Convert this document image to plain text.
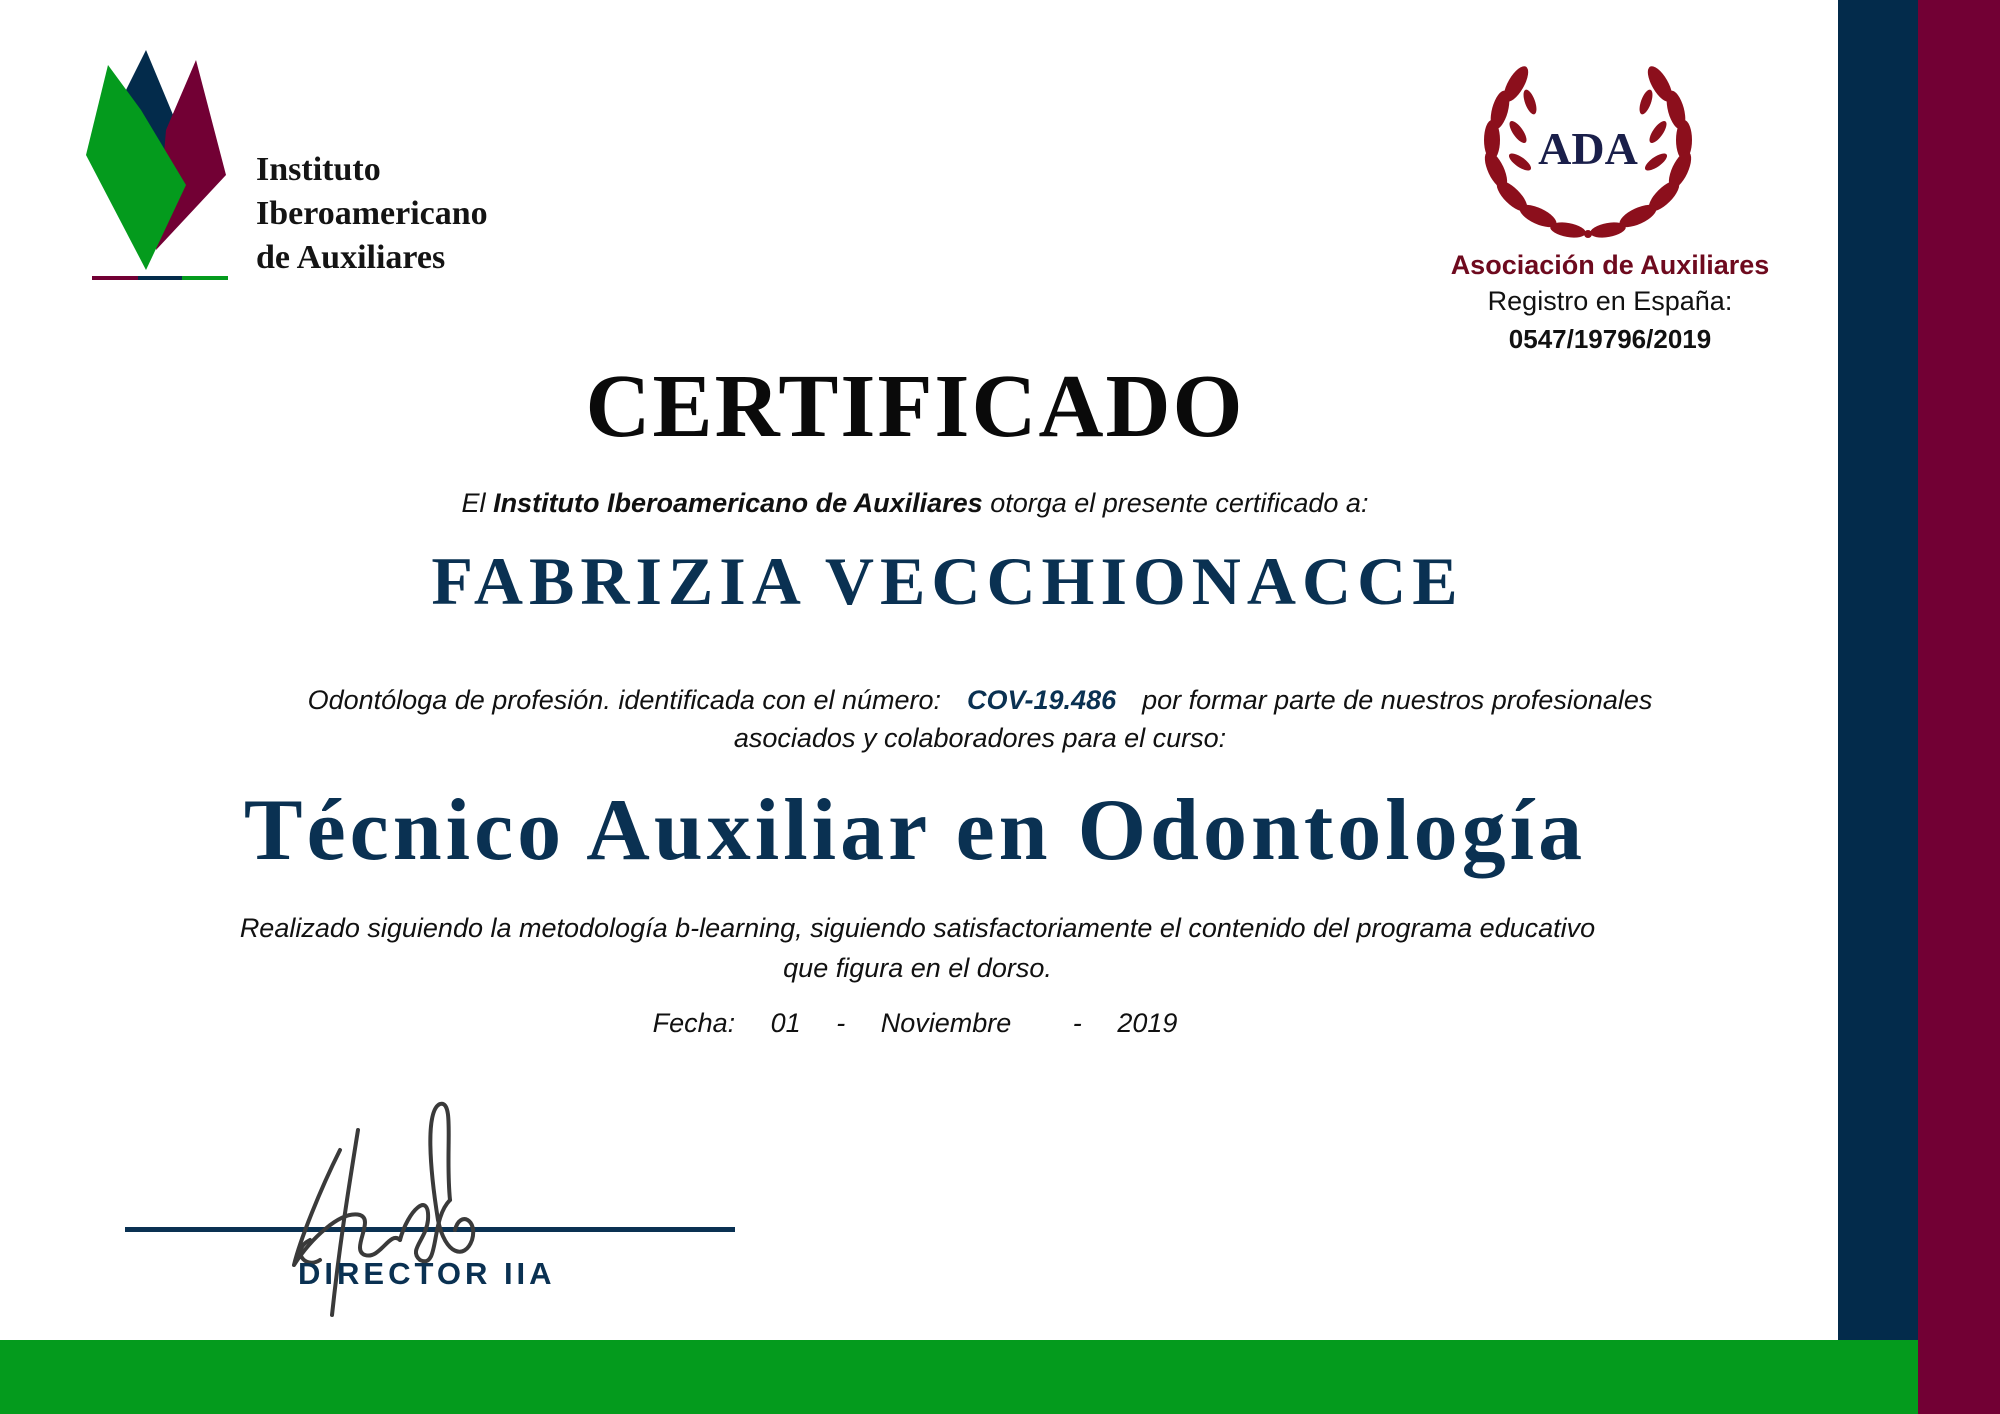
Instituto
Iberoamericano
de Auxiliares
ADA
Asociación de Auxiliares
Registro en España:
0547/19796/2019
CERTIFICADO
El Instituto Iberoamericano de Auxiliares otorga el presente certificado a:
FABRIZIA VECCHIONACCE
Odontóloga de profesión. identificada con el número: COV-19.486 por formar parte de nuestros profesionales
asociados y colaboradores para el curso:
Técnico Auxiliar en Odontología
Realizado siguiendo la metodología b-learning, siguiendo satisfactoriamente el contenido del programa educativo
que figura en el dorso.
Fecha: 01 - Noviembre - 2019
DIRECTOR IIA
